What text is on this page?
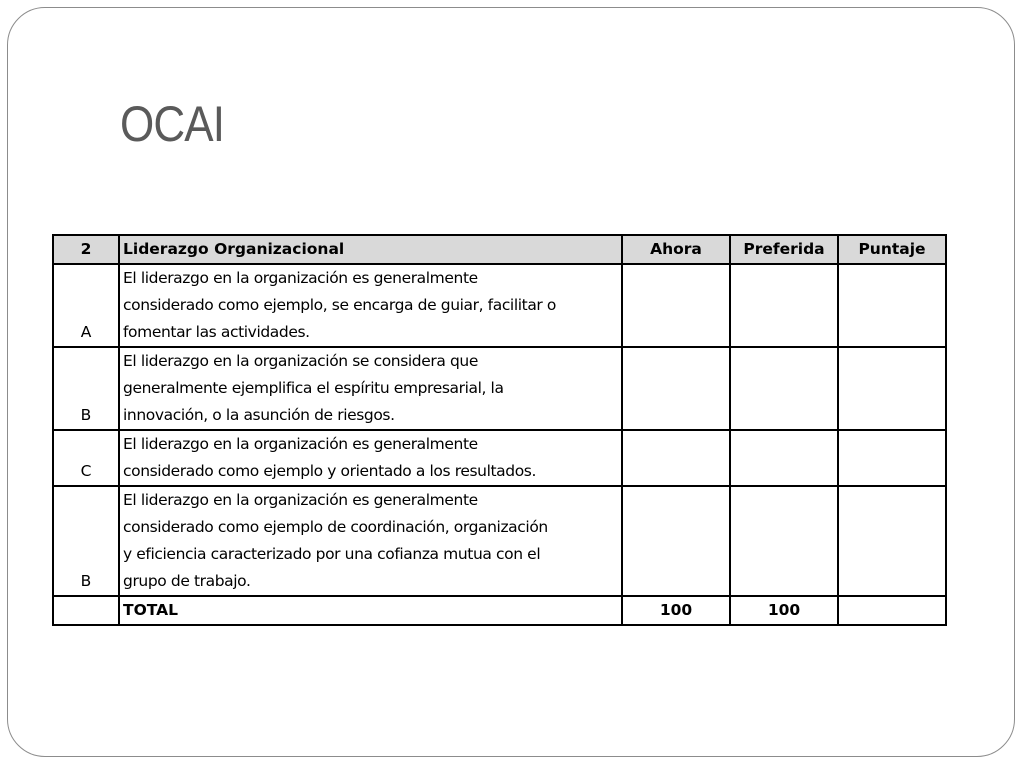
OCAI
2	Liderazgo Organizacional	Ahora	Preferida	Puntaje
A	El liderazgo en la organización es generalmente
considerado como ejemplo, se encarga de guiar, facilitar o
fomentar las actividades.			

B	El liderazgo en la organización se considera que
generalmente ejemplifica el espíritu empresarial, la
innovación, o la asunción de riesgos.			

C	El liderazgo en la organización es generalmente
considerado como ejemplo y orientado a los resultados.			

B	El liderazgo en la organización es generalmente
considerado como ejemplo de coordinación, organización
y eficiencia caracterizado por una cofianza mutua con el
grupo de trabajo.			

	TOTAL	100	100	
